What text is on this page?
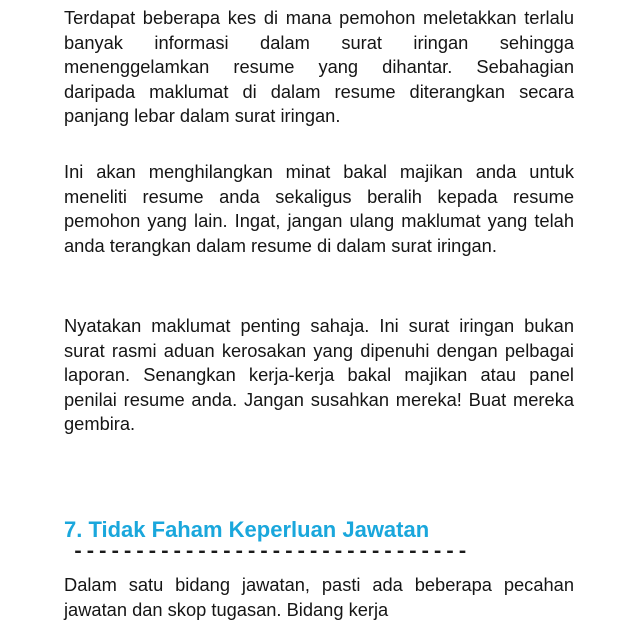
Terdapat beberapa kes di mana pemohon meletakkan terlalu banyak informasi dalam surat iringan sehingga menenggelamkan resume yang dihantar. Sebahagian daripada maklumat di dalam resume diterangkan secara panjang lebar dalam surat iringan.

Ini akan menghilangkan minat bakal majikan anda untuk meneliti resume anda sekaligus beralih kepada resume pemohon yang lain. Ingat, jangan ulang maklumat yang telah anda terangkan dalam resume di dalam surat iringan.

Nyatakan maklumat penting sahaja. Ini surat iringan bukan surat rasmi aduan kerosakan yang dipenuhi dengan pelbagai laporan. Senangkan kerja-kerja bakal majikan atau panel penilai resume anda. Jangan susahkan mereka! Buat mereka gembira.

7. Tidak Faham Keperluan Jawatan
--------------------------------

Dalam satu bidang jawatan, pasti ada beberapa pecahan jawatan dan skop tugasan. Bidang kerja
